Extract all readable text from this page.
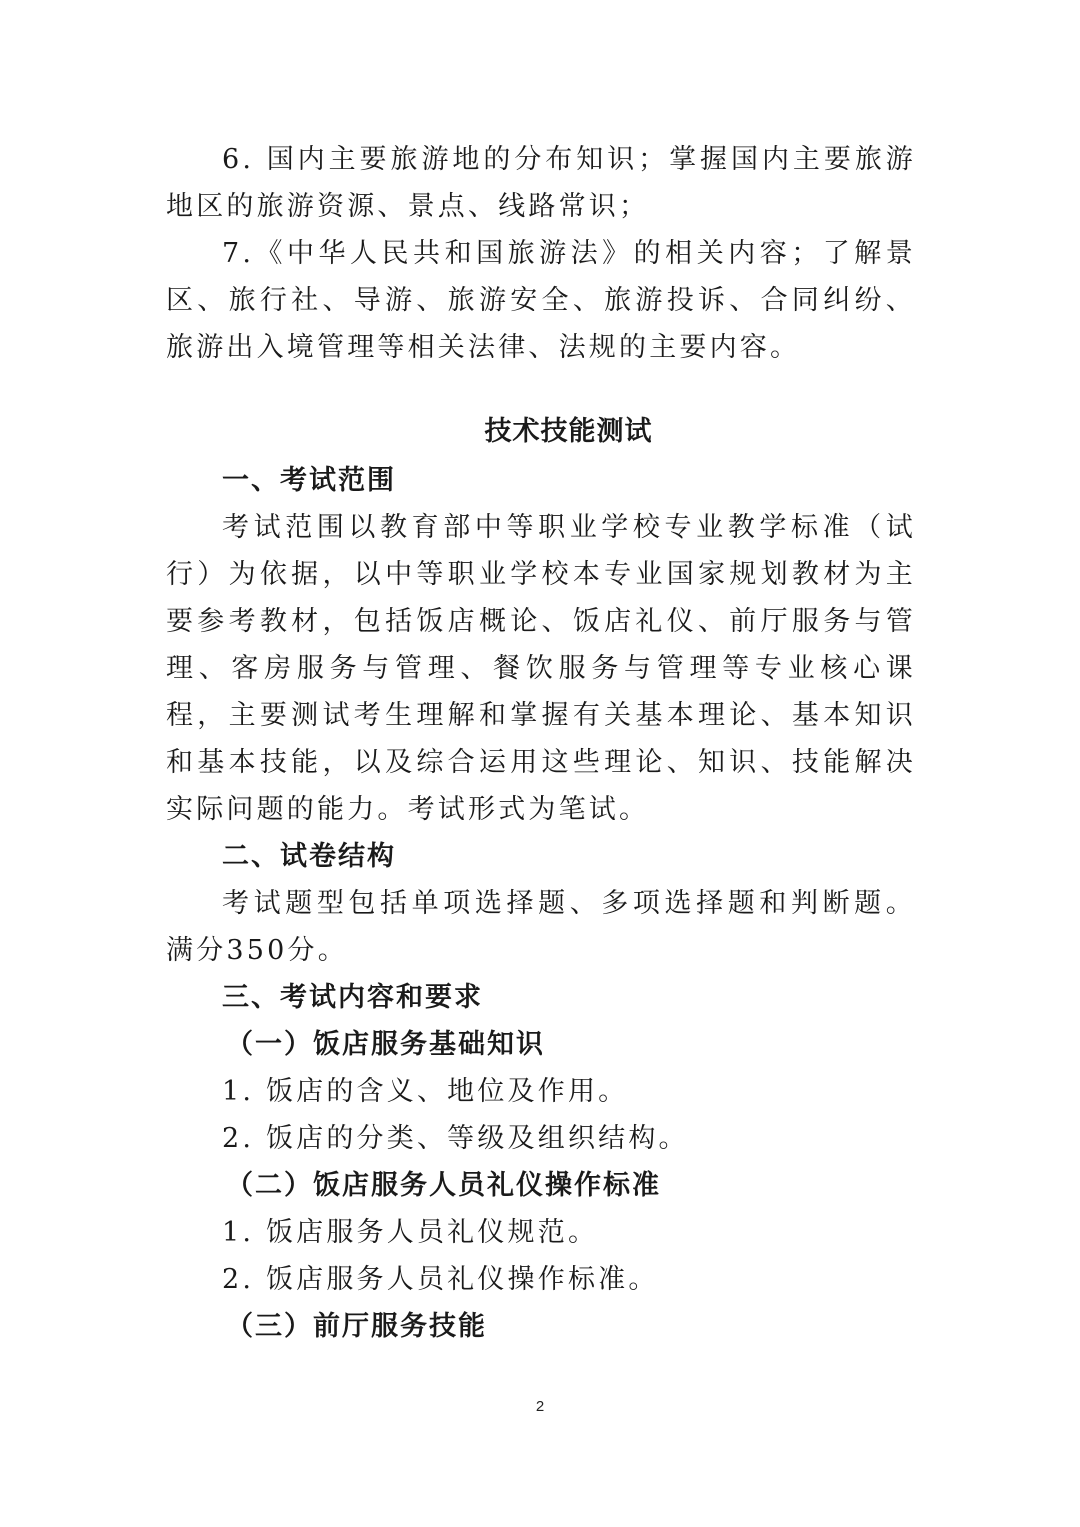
6. 国内主要旅游地的分布知识；掌握国内主要旅游地区的旅游资源、景点、线路常识；

7.《中华人民共和国旅游法》的相关内容；了解景区、旅行社、导游、旅游安全、旅游投诉、合同纠纷、旅游出入境管理等相关法律、法规的主要内容。

技术技能测试

一、考试范围

考试范围以教育部中等职业学校专业教学标准（试行）为依据，以中等职业学校本专业国家规划教材为主要参考教材，包括饭店概论、饭店礼仪、前厅服务与管理、客房服务与管理、餐饮服务与管理等专业核心课程，主要测试考生理解和掌握有关基本理论、基本知识和基本技能，以及综合运用这些理论、知识、技能解决实际问题的能力。考试形式为笔试。

二、试卷结构

考试题型包括单项选择题、多项选择题和判断题。满分350分。

三、考试内容和要求

（一）饭店服务基础知识

1. 饭店的含义、地位及作用。

2. 饭店的分类、等级及组织结构。

（二）饭店服务人员礼仪操作标准

1. 饭店服务人员礼仪规范。

2. 饭店服务人员礼仪操作标准。

（三）前厅服务技能

2
